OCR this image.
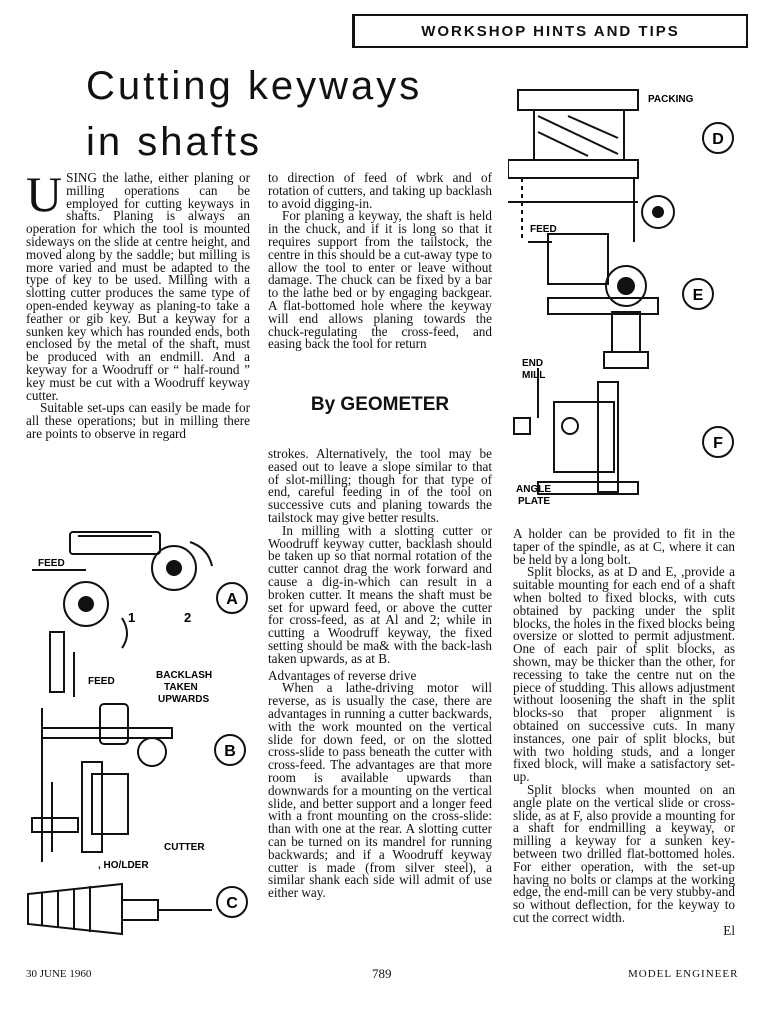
WORKSHOP HINTS AND TIPS
Cutting keyways
in shafts

USING the lathe, either planing or milling operations can be employed for cutting keyways in shafts. Planing is always an operation for which the tool is mounted sideways on the slide at centre height, and moved along by the saddle; but milling is more varied and must be adapted to the type of key to be used. Milling with a slotting cutter produces the same type of open-ended keyway as planing-to take a feather or gib key. But a keyway for a sunken key which has rounded ends, both enclosed by the metal of the shaft, must be produced with an endmill. And a keyway for a Woodruff or “ half-round ” key must be cut with a Woodruff keyway cutter.

Suitable set-ups can easily be made for all these operations; but in milling there are points to observe in regard

to direction of feed of wbrk and of rotation of cutters, and taking up backlash to avoid digging-in.

For planing a keyway, the shaft is held in the chuck, and if it is long so that it requires support from the tailstock, the centre in this should be a cut-away type to allow the tool to enter or leave without damage. The chuck can be fixed by a bar to the lathe bed or by engaging backgear. A flat-bottomed hole where the keyway will end allows planing towards the chuck-regulating the cross-feed, and easing back the tool for return

By GEOMETER

strokes. Alternatively, the tool may be eased out to leave a slope similar to that of slot-milling; though for that type of end, careful feeding in of the tool on successive cuts and planing towards the tailstock may give better results.

In milling with a slotting cutter or Woodruff keyway cutter, backlash should be taken up so that normal rotation of the cutter cannot drag the work forward and cause a dig-in-which can result in a broken cutter. It means the shaft must be set for upward feed, or above the cutter for cross-feed, as at Al and 2; while in cutting a Woodruff keyway, the fixed setting should be ma& with the back-lash taken upwards, as at B.

Advantages of reverse drive

When a lathe-driving motor will reverse, as is usually the case, there are advantages in running a cutter backwards, with the work mounted on the vertical slide for down feed, or on the slotted cross-slide to pass beneath the cutter with cross-feed. The advantages are that more room is available upwards than downwards for a mounting on the vertical slide, and better support and a longer feed with a front mounting on the cross-slide: than with one at the rear. A slotting cutter can be turned on its mandrel for running backwards; and if a Woodruff keyway cutter is made (from silver steel), a similar shank each side will admit of use either way.

A holder can be provided to fit in the taper of the spindle, as at C, where it can be held by a long bolt.

Split blocks, as at D and E, ,provide a suitable mounting for each end of a shaft when bolted to fixed blocks, with cuts obtained by packing under the split blocks, the holes in the fixed blocks being oversize or slotted to permit adjustment. One of each pair of split blocks, as shown, may be thicker than the other, for recessing to take the centre nut on the piece of studding. This allows adjustment without loosening the shaft in the split blocks-so that proper alignment is obtained on successive cuts. In many instances, one pair of split blocks, but with two holding studs, and a longer fixed block, will make a satisfactory set-up.

Split blocks when mounted on an angle plate on the vertical slide or cross-slide, as at F, also provide a mounting for a shaft for endmilling a keyway, or milling a keyway for a sunken key-between two drilled flat-bottomed holes. For either operation, with the set-up having no bolts or clamps at the working edge, the end-mill can be very stubby-and so without deflection, for the keyway to cut the correct width.

El

FEED
1	2
FEED
BACKLASH
TAKEN
UPWARDS
CUTTER
, HO/LDER
A
B
C
PACKING
FEED
END
MILL
ANGLE
PLATE
D
E
F
30 JUNE 1960	789	MODEL ENGINEER
